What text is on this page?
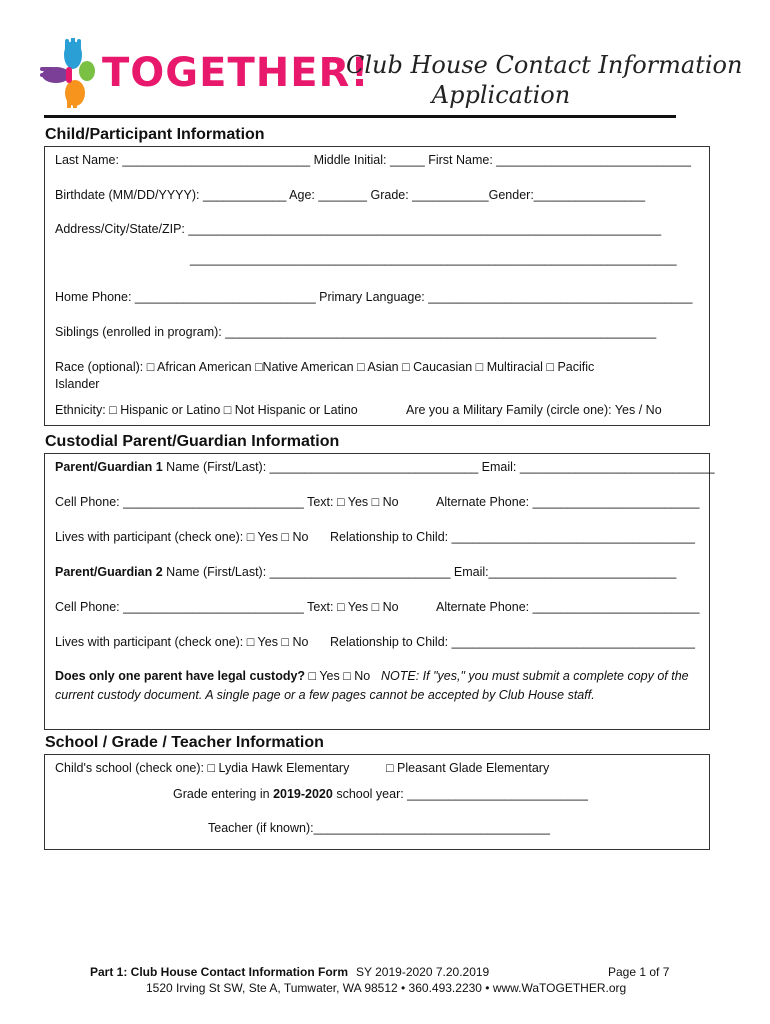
TOGETHER!
Club House Contact Information
Application
Child/Participant Information
Last Name: ___________________________ Middle Initial: _____ First Name: ____________________________
Birthdate (MM/DD/YYYY): ____________ Age: _______ Grade: ___________Gender:________________
Address/City/State/ZIP: ____________________________________________________________________
______________________________________________________________________
Home Phone: __________________________ Primary Language: ______________________________________
Siblings (enrolled in program): ______________________________________________________________
Race (optional): □ African American □Native American □ Asian □ Caucasian □ Multiracial □ Pacific
Islander
Ethnicity: □ Hispanic or Latino □ Not Hispanic or Latino	Are you a Military Family (circle one): Yes / No
Custodial Parent/Guardian Information
Parent/Guardian 1 Name (First/Last): ______________________________ Email: ____________________________
Cell Phone: __________________________ Text: □ Yes □ No	Alternate Phone: ________________________
Lives with participant (check one): □ Yes □ No Relationship to Child: ___________________________________
Parent/Guardian 2 Name (First/Last): __________________________ Email:___________________________
Cell Phone: __________________________ Text: □ Yes □ No	Alternate Phone: ________________________
Lives with participant (check one): □ Yes □ No Relationship to Child: ___________________________________
Does only one parent have legal custody? □ Yes □ No NOTE: If "yes," you must submit a complete copy of the
current custody document. A single page or a few pages cannot be accepted by Club House staff.
School / Grade / Teacher Information
Child's school (check one): □ Lydia Hawk Elementary	□ Pleasant Glade Elementary
Grade entering in 2019-2020 school year: __________________________
Teacher (if known):__________________________________
Part 1: Club House Contact Information Form SY 2019-2020 7.20.2019	Page 1 of 7
1520 Irving St SW, Ste A, Tumwater, WA 98512 • 360.493.2230 • www.WaTOGETHER.org
